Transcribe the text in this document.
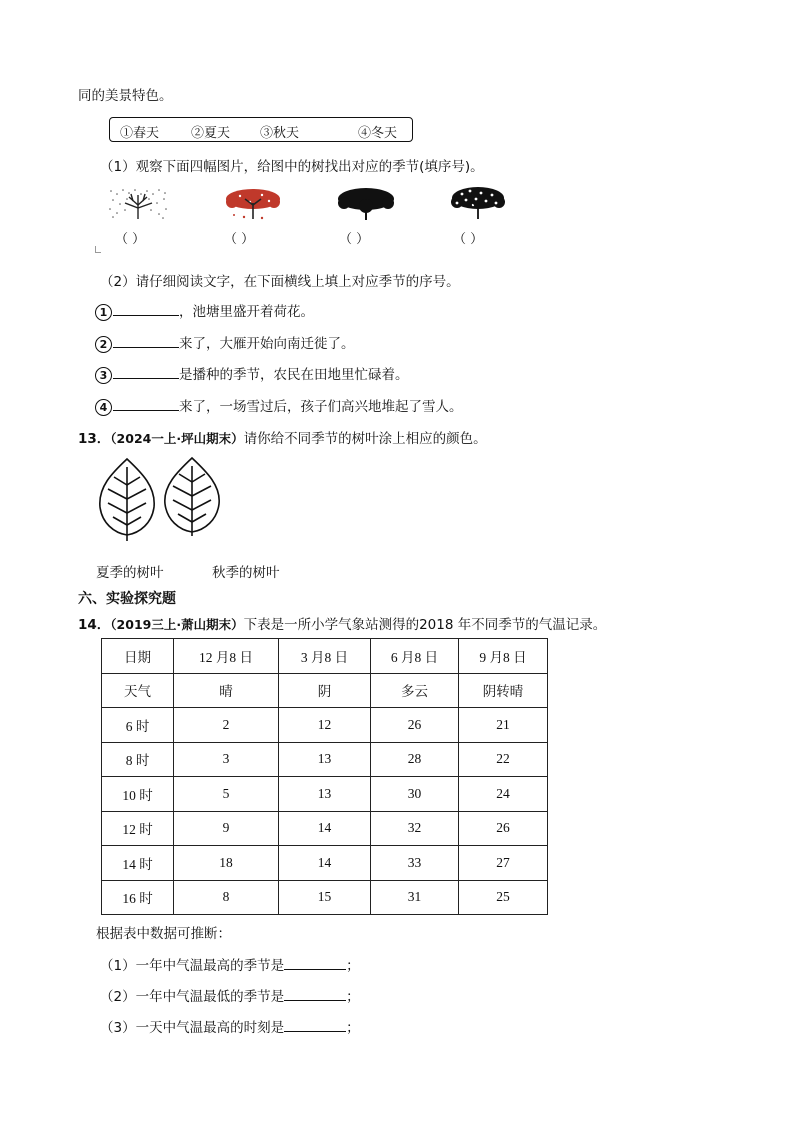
同的美景特色。
①春天 ②夏天 ③秋天	④冬天
（1）观察下面四幅图片，给图中的树找出对应的季节(填序号)。
（ ）	（ ）	（ ）	（ ）
（2）请仔细阅读文字，在下面横线上填上对应季节的序号。
1	，池塘里盛开着荷花。
2	来了，大雁开始向南迁徙了。
3	是播种的季节，农民在田地里忙碌着。
4	来了，一场雪过后，孩子们高兴地堆起了雪人。
13．（2024一上·坪山期末）请你给不同季节的树叶涂上相应的颜色。
夏季的树叶	秋季的树叶
六、实验探究题
14．（2019三上·萧山期末）下表是一所小学气象站测得的2018 年不同季节的气温记录。
日期	12 月8 日	3 月8 日	6 月8 日	9 月8 日
天气	晴	阴	多云	阴转晴
6 时	2	12	26	21
8 时	3	13	28	22
10 时	5	13	30	24
12 时	9	14	32	26
14 时	18	14	33	27
16 时	8	15	31	25
根据表中数据可推断：
（1）一年中气温最高的季节是	；
（2）一年中气温最低的季节是	；
（3）一天中气温最高的时刻是	；
